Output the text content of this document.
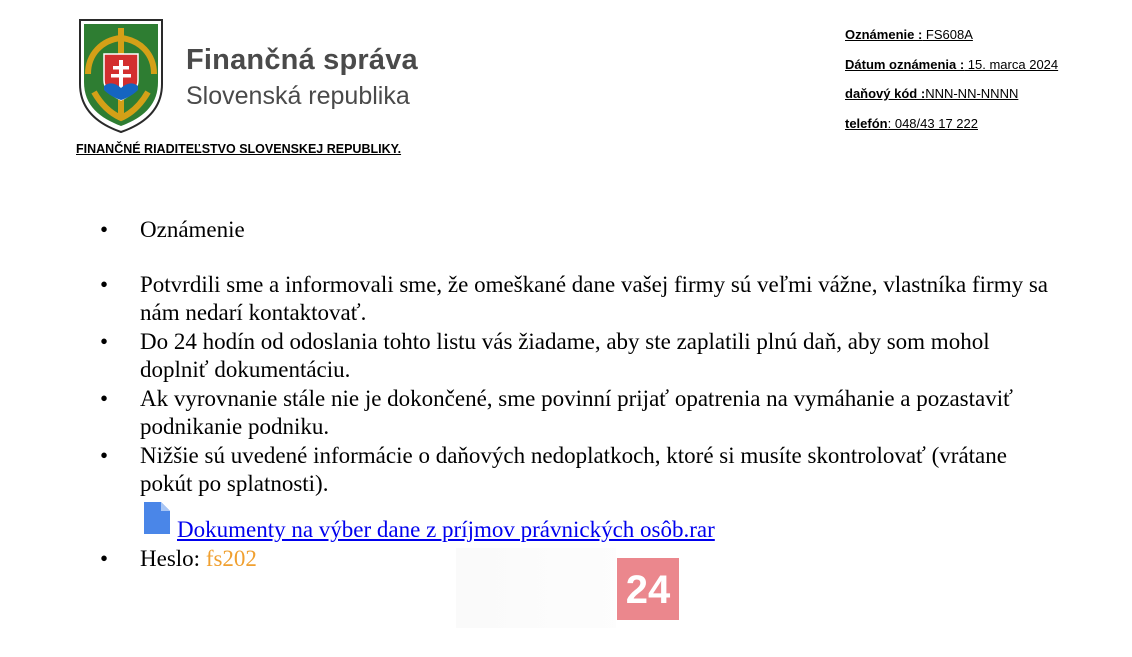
Finančná správa
Slovenská republika
FINANČNÉ RIADITEĽSTVO SLOVENSKEJ REPUBLIKY.
Oznámenie : FS608A
Dátum oznámenia : 15. marca 2024
daňový kód :NNN-NN-NNNN
telefón: 048/43 17 222
• Oznámenie
• Potvrdili sme a informovali sme, že omeškané dane vašej firmy sú veľmi vážne, vlastníka firmy sa nám nedarí kontaktovať.
• Do 24 hodín od odoslania tohto listu vás žiadame, aby ste zaplatili plnú daň, aby som mohol doplniť dokumentáciu.
• Ak vyrovnanie stále nie je dokončené, sme povinní prijať opatrenia na vymáhanie a pozastaviť podnikanie podniku.
• Nižšie sú uvedené informácie o daňových nedoplatkoch, ktoré si musíte skontrolovať (vrátane pokút po splatnosti).
Dokumenty na výber dane z príjmov právnických osôb.rar
• Heslo: fs202
24
